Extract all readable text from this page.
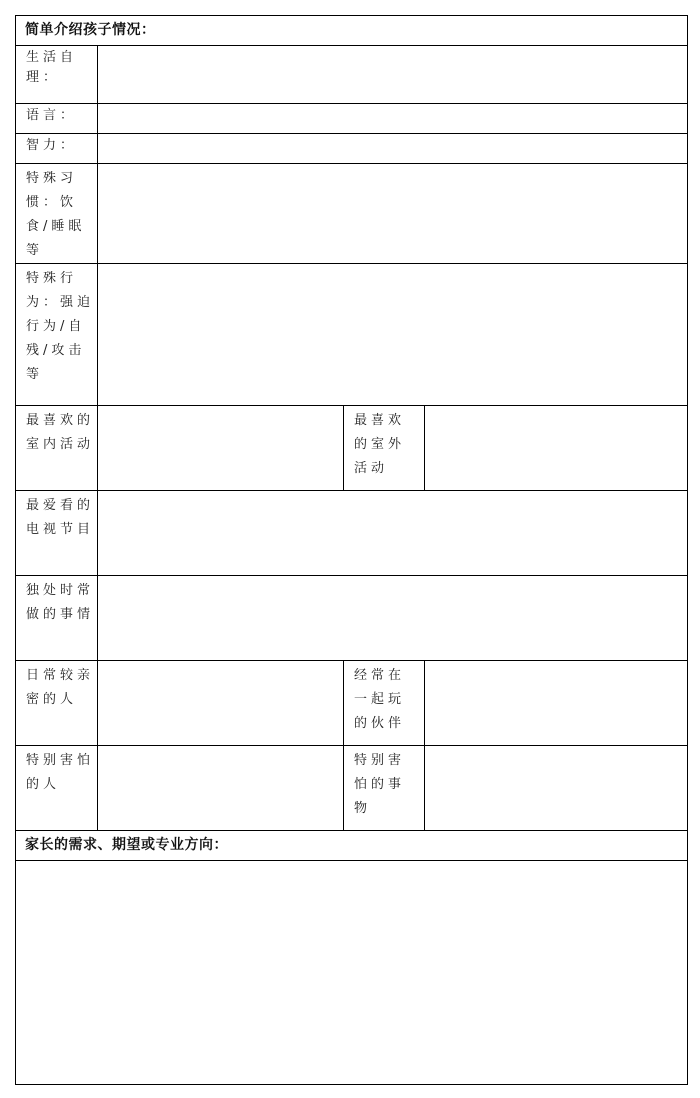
简单介绍孩子情况：			
生活自理：			
语言：			
智力：			
特殊习惯：饮食/睡眠等			
特殊行为：强迫行为/自残/攻击等			
最喜欢的室内活动		最喜欢的室外活动	
最爱看的电视节目			
独处时常做的事情			
日常较亲密的人		经常在一起玩的伙伴	
特别害怕的人		特别害怕的事物	
家长的需求、期望或专业方向：			
